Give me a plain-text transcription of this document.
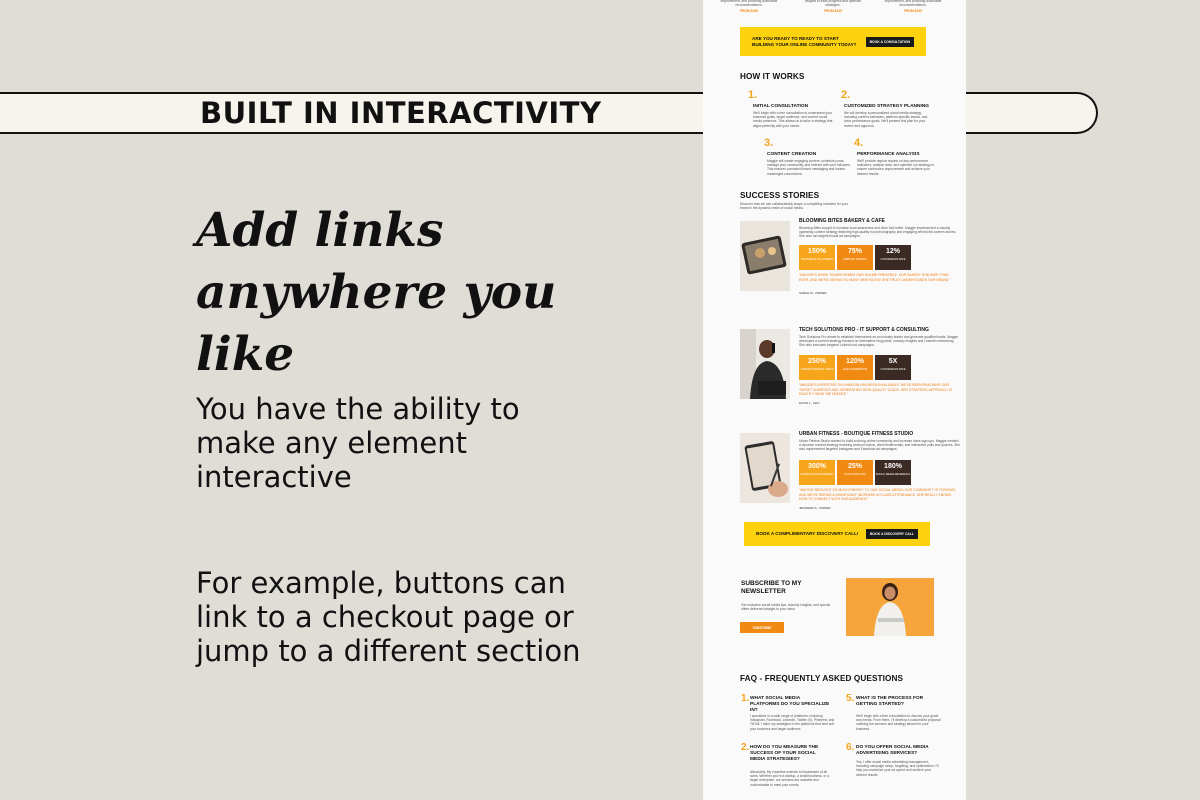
BUILT IN INTERACTIVITY
Add links
anywhere you like
You have the ability to make any element interactive
For example, buttons can link to a checkout page or jump to a different section
improvement, and providing actionable recommendations.
FROM $199
insights to track progress and optimize strategies.
FROM $149
improvement, and providing actionable recommendations.
FROM $199
ARE YOU READY TO READY TO START BUILDING YOUR ONLINE COMMUNITY TODAY?	BOOK A CONSULTATION
HOW IT WORKS
1.
INITIAL CONSULTATION
We'll begin with a free consultation to understand your business goals, target audience, and current social media presence. This allows us to tailor a strategy that aligns perfectly with your needs.
2.
CUSTOMIZED STRATEGY PLANNING
We will develop a personalized social media strategy, including content calendars, platform-specific tactics, and clear performance goals. We'll present this plan for your review and approval.
3.
CONTENT CREATION
Maggie will create engaging content, schedule posts, manage your community, and interact with your followers. This ensures consistent brand messaging and fosters meaningful connections.
4.
PERFORMANCE ANALYSIS
We'll provide regular reports on key performance indicators, analyze data, and optimize our strategy to ensure continuous improvement and achieve your desired results.
SUCCESS STORIES
Discover how we can collaboratively shape a compelling narrative for your brand in the dynamic realm of social media.
BLOOMING BITES BAKERY & CAFE
Blooming Bites sought to increase local awareness and drive foot traffic. Maggie implemented a visually appealing content strategy featuring high-quality food photography and engaging behind-the-scenes stories. She also ran targeted local ad campaigns.
150%
INSTAGRAM FOLLOWERS
75%
WEBSITE TRAFFIC
12%
CONVERSION RATE
"MAGGIE'S WORK TRANSFORMED OUR ONLINE PRESENCE. OUR BAKERY IS BUSIER THAN EVER, AND WE'RE SEEING SO MANY NEW FACES! SHE TRULY UNDERSTANDS OUR BRAND."
SARAH M., OWNER
TECH SOLUTIONS PRO - IT SUPPORT & CONSULTING
Tech Solutions Pro aimed to establish themselves as an industry leader and generate qualified leads. Maggie developed a content strategy focused on informative blog posts, industry insights and LinkedIn networking. She also executed targeted LinkedIn ad campaigns.
250%
LINKEDIN PROFILE VIEWS
120%
LEAD GENERATION
5X
CONVERSION RATE
"MAGGIE'S EXPERTISE ON LINKEDIN HAS BEEN INVALUABLE. WE'VE BEEN REACHING OUR TARGET AUDIENCE AND GENERATING HIGH-QUALITY LEADS. HER STRATEGIC APPROACH IS EXACTLY WHAT WE NEEDED."
DAVID L., CEO
URBAN FITNESS - BOUTIQUE FITNESS STUDIO
Urban Fitness Studio wanted to build a strong online community and increase class sign-ups. Maggie created a dynamic content strategy featuring workout videos, client testimonials, and interactive polls and quizzes. She also implemented targeted Instagram and Facebook ad campaigns.
300%
FACEBOOK ENGAGEMENT
25%
CLASS SIGN-UPS
180%
SOCIAL MEDIA REFERRALS
"MAGGIE BROUGHT SO MUCH ENERGY TO OUR SOCIAL MEDIA! OUR COMMUNITY IS THRIVING, AND WE'RE SEEING A SIGNIFICANT INCREASE IN CLASS ATTENDANCE. SHE REALLY KNOWS HOW TO CONNECT WITH OUR AUDIENCE."
JENNIFER S., OWNER
BOOK A COMPLIMENTARY DISCOVERY CALL!	BOOK A DISCOVERY CALL
SUBSCRIBE TO MY NEWSLETTER
Get exclusive social media tips, industry insights, and special offers delivered straight to your inbox.
SUBSCRIBE
FAQ - FREQUENTLY ASKED QUESTIONS
1. WHAT SOCIAL MEDIA PLATFORMS DO YOU SPECIALIZE IN?
I specialize in a wide range of platforms, including Instagram, Facebook, LinkedIn, Twitter (X), Pinterest, and TikTok. I tailor my strategies to the platforms that best suit your business and target audience.
5. WHAT IS THE PROCESS FOR GETTING STARTED?
We'll begin with a free consultation to discuss your goals and needs. From there, I'll develop a customized proposal outlining the services and strategy tailored to your business.
2. HOW DO YOU MEASURE THE SUCCESS OF YOUR SOCIAL MEDIA STRATEGIES?
Absolutely. My expertise extends to businesses of all sizes. Whether you're a startup, a small business, or a larger enterprise, our services are scalable and customizable to meet your needs.
6. DO YOU OFFER SOCIAL MEDIA ADVERTISING SERVICES?
Yes, I offer social media advertising management, including campaign setup, targeting, and optimization. I'll help you maximize your ad spend and achieve your desired results.
